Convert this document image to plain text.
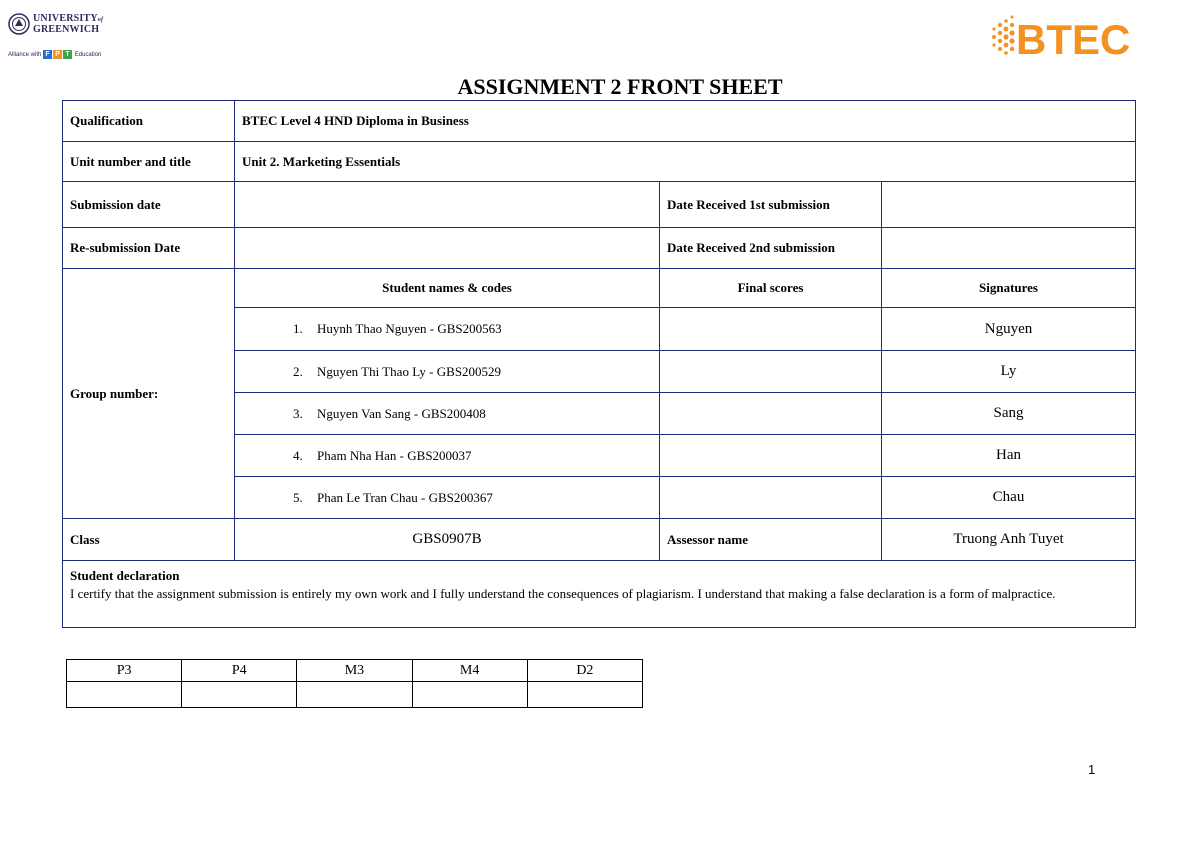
UNIVERSITYof
GREENWICH
Alliance with F P T Education	BTEC
ASSIGNMENT 2 FRONT SHEET
Qualification	BTEC Level 4 HND Diploma in Business		
Unit number and title	Unit 2. Marketing Essentials		
Submission date		Date Received 1st submission	
Re-submission Date		Date Received 2nd submission	
Group number:	Student names & codes	Final scores	Signatures
	1. Huynh Thao Nguyen - GBS200563		Nguyen
	2. Nguyen Thi Thao Ly - GBS200529		Ly
	3. Nguyen Van Sang - GBS200408		Sang
	4. Pham Nha Han - GBS200037		Han
	5. Phan Le Tran Chau - GBS200367		Chau
Class	GBS0907B	Assessor name	Truong Anh Tuyet

Student declaration
I certify that the assignment submission is entirely my own work and I fully understand the consequences of plagiarism. I understand that making a false declaration is a form of malpractice.			
P3	P4	M3	M4	D2

1
